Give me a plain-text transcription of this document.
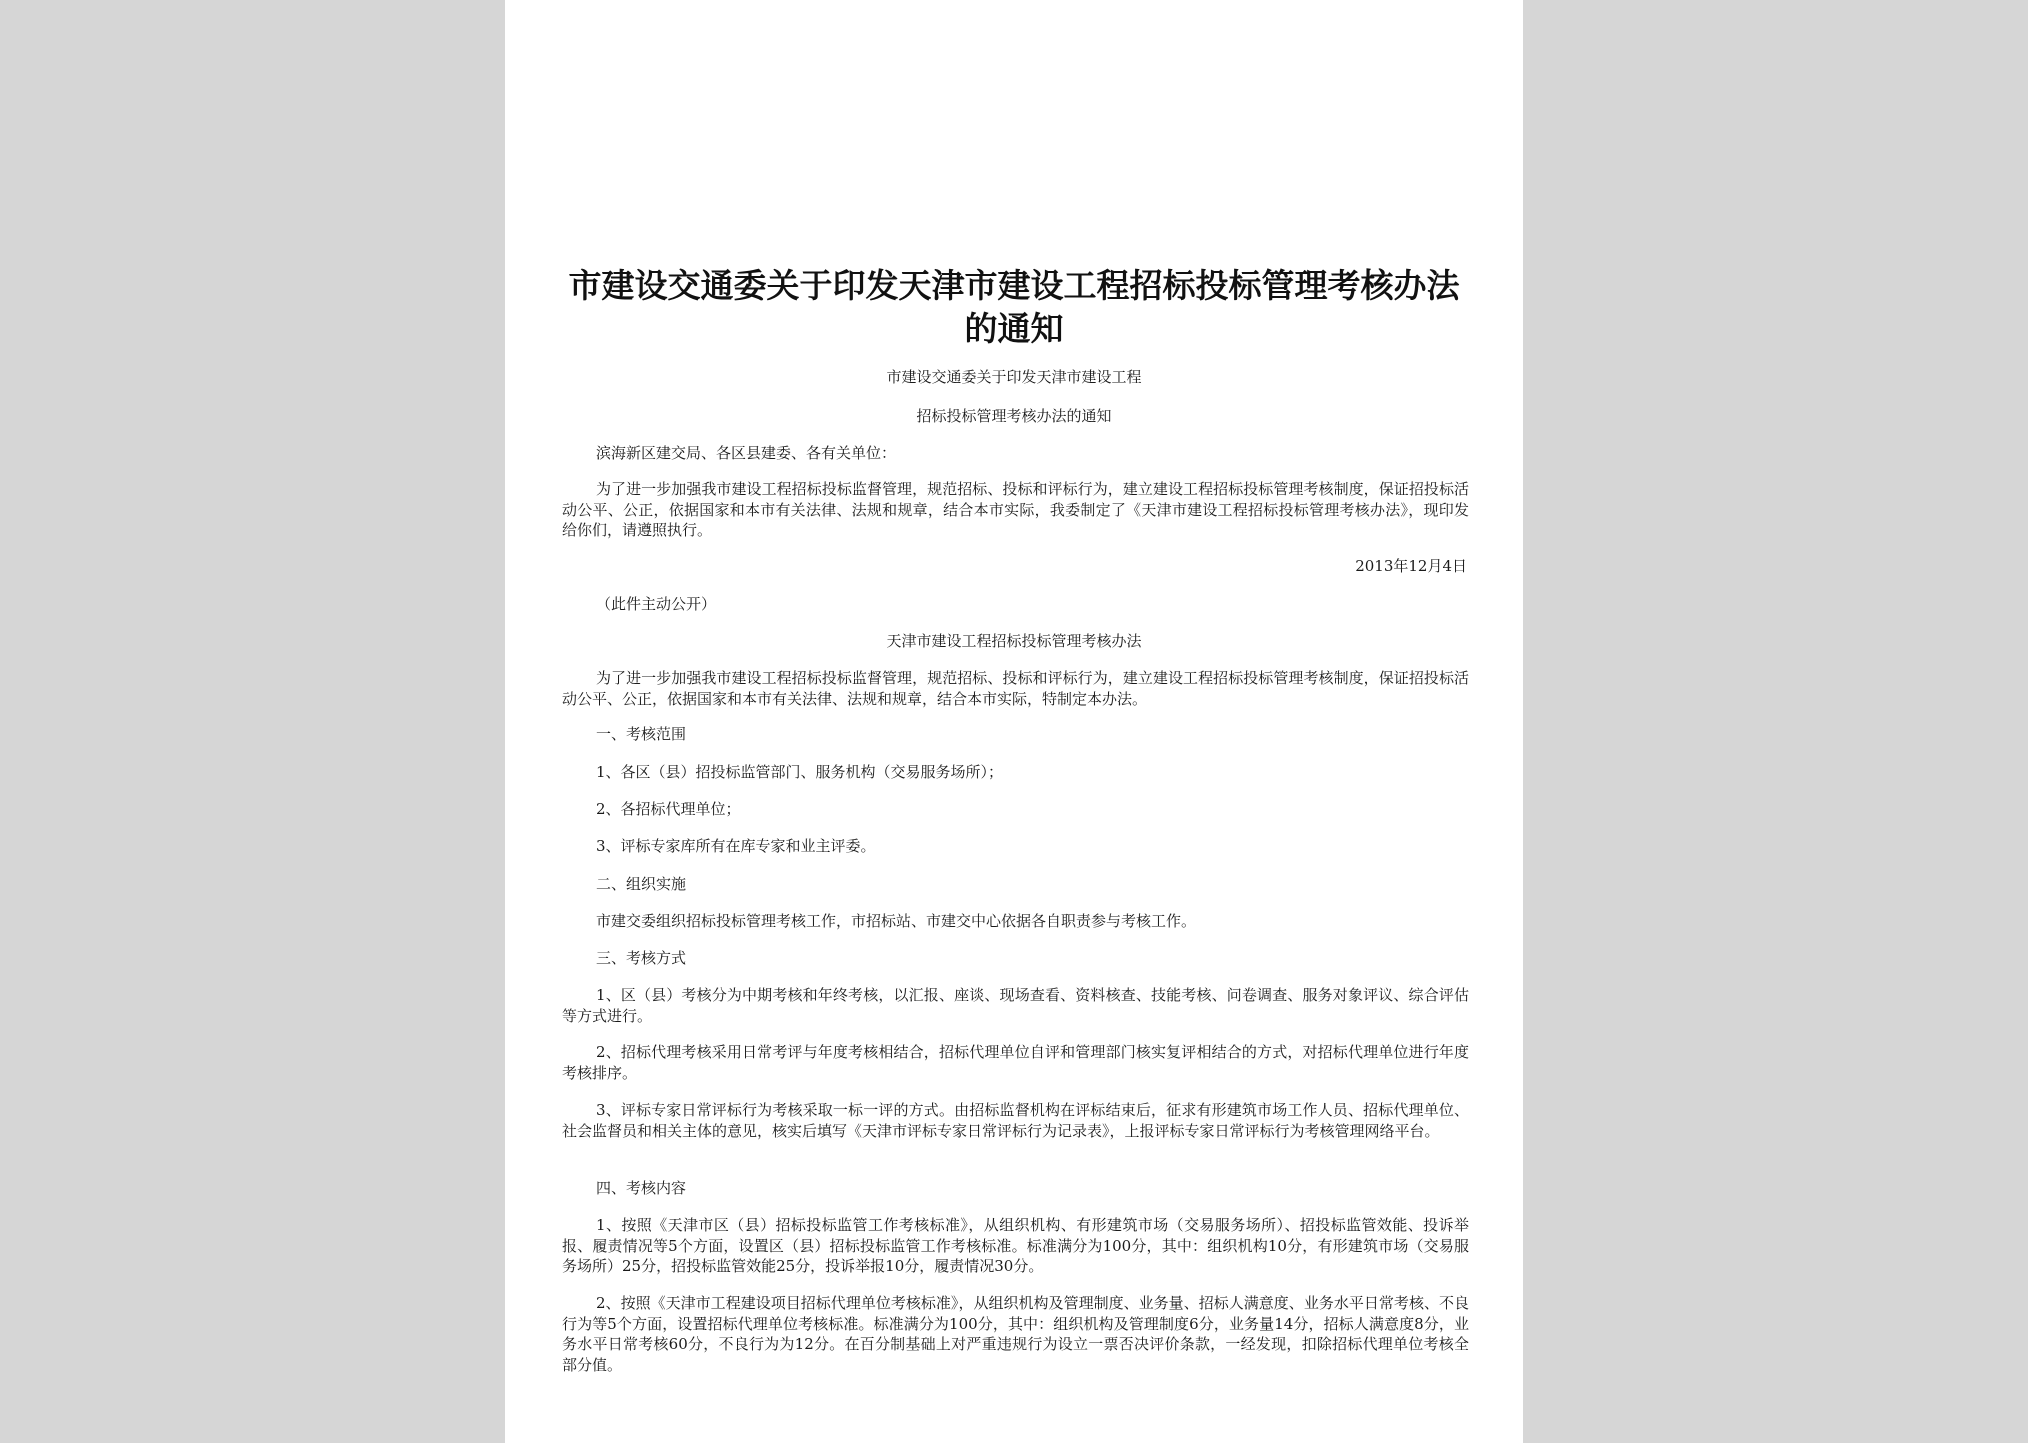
市建设交通委关于印发天津市建设工程招标投标管理考核办法的通知
市建设交通委关于印发天津市建设工程
招标投标管理考核办法的通知
滨海新区建交局、各区县建委、各有关单位：

为了进一步加强我市建设工程招标投标监督管理，规范招标、投标和评标行为，建立建设工程招标投标管理考核制度，保证招投标活动公平、公正，依据国家和本市有关法律、法规和规章，结合本市实际，我委制定了《天津市建设工程招标投标管理考核办法》，现印发给你们，请遵照执行。

2013年12月4日
（此件主动公开）
天津市建设工程招标投标管理考核办法

为了进一步加强我市建设工程招标投标监督管理，规范招标、投标和评标行为，建立建设工程招标投标管理考核制度，保证招投标活动公平、公正，依据国家和本市有关法律、法规和规章，结合本市实际，特制定本办法。

一、考核范围
1、各区（县）招投标监管部门、服务机构（交易服务场所）；
2、各招标代理单位；
3、评标专家库所有在库专家和业主评委。
二、组织实施
市建交委组织招标投标管理考核工作，市招标站、市建交中心依据各自职责参与考核工作。
三、考核方式

1、区（县）考核分为中期考核和年终考核，以汇报、座谈、现场查看、资料核查、技能考核、问卷调查、服务对象评议、综合评估等方式进行。

2、招标代理考核采用日常考评与年度考核相结合，招标代理单位自评和管理部门核实复评相结合的方式，对招标代理单位进行年度考核排序。

3、评标专家日常评标行为考核采取一标一评的方式。由招标监督机构在评标结束后，征求有形建筑市场工作人员、招标代理单位、社会监督员和相关主体的意见，核实后填写《天津市评标专家日常评标行为记录表》，上报评标专家日常评标行为考核管理网络平台。

四、考核内容

1、按照《天津市区（县）招标投标监管工作考核标准》，从组织机构、有形建筑市场（交易服务场所）、招投标监管效能、投诉举报、履责情况等5个方面，设置区（县）招标投标监管工作考核标准。标准满分为100分，其中：组织机构10分，有形建筑市场（交易服务场所）25分，招投标监管效能25分，投诉举报10分，履责情况30分。

2、按照《天津市工程建设项目招标代理单位考核标准》，从组织机构及管理制度、业务量、招标人满意度、业务水平日常考核、不良行为等5个方面，设置招标代理单位考核标准。标准满分为100分，其中：组织机构及管理制度6分，业务量14分，招标人满意度8分，业务水平日常考核60分，不良行为为12分。在百分制基础上对严重违规行为设立一票否决评价条款，一经发现，扣除招标代理单位考核全部分值。
